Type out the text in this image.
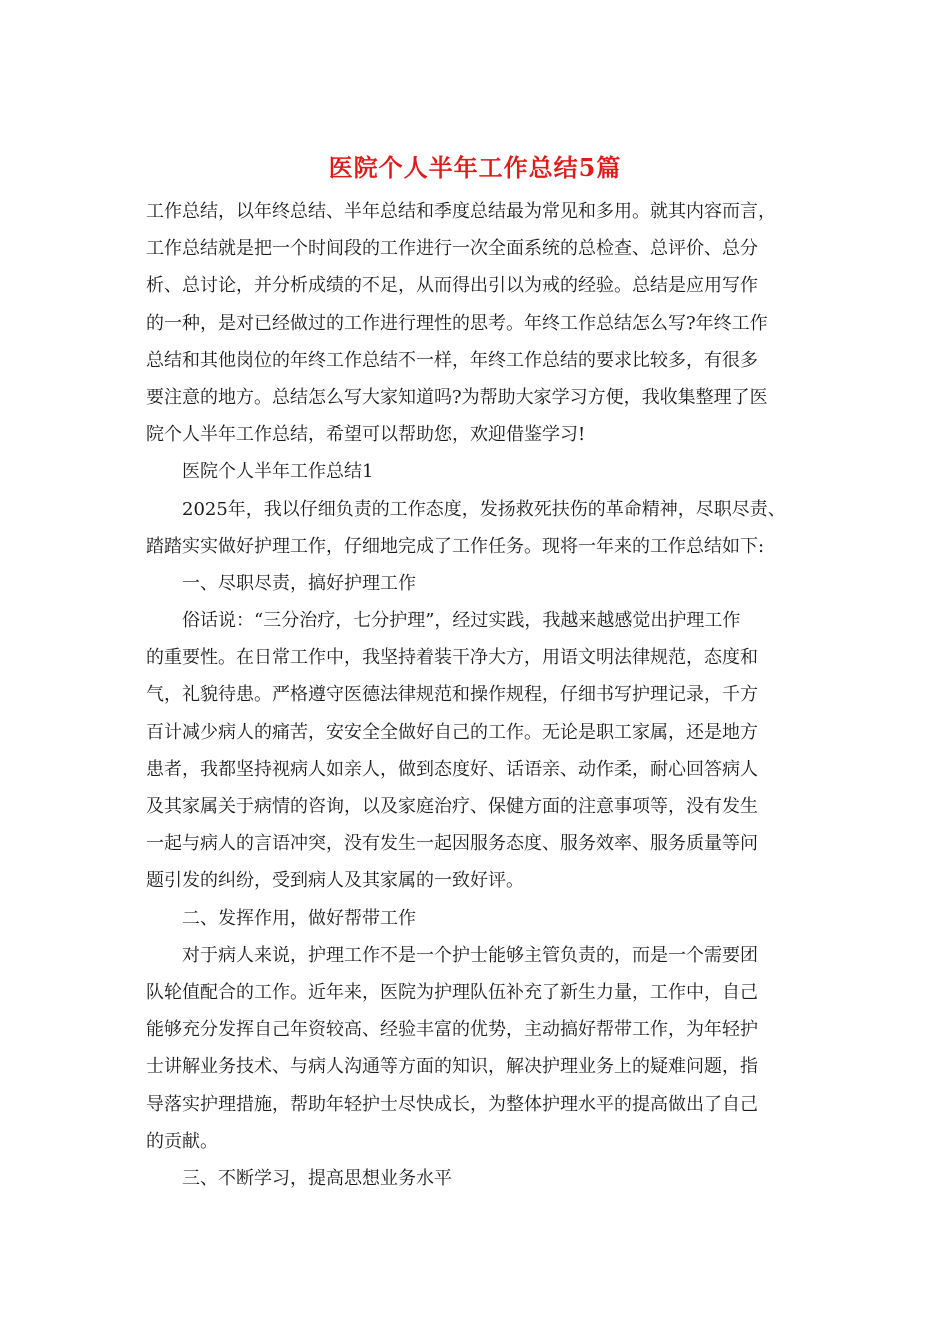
医院个人半年工作总结5篇
工作总结，以年终总结、半年总结和季度总结最为常见和多用。就其内容而言，
工作总结就是把一个时间段的工作进行一次全面系统的总检查、总评价、总分
析、总讨论，并分析成绩的不足，从而得出引以为戒的经验。总结是应用写作
的一种，是对已经做过的工作进行理性的思考。年终工作总结怎么写?年终工作
总结和其他岗位的年终工作总结不一样，年终工作总结的要求比较多，有很多
要注意的地方。总结怎么写大家知道吗?为帮助大家学习方便，我收集整理了医
院个人半年工作总结，希望可以帮助您，欢迎借鉴学习!
医院个人半年工作总结1
2025年，我以仔细负责的工作态度，发扬救死扶伤的革命精神，尽职尽责、
踏踏实实做好护理工作，仔细地完成了工作任务。现将一年来的工作总结如下:
一、尽职尽责，搞好护理工作
俗话说：“三分治疗，七分护理”，经过实践，我越来越感觉出护理工作
的重要性。在日常工作中，我坚持着装干净大方，用语文明法律规范，态度和
气，礼貌待患。严格遵守医德法律规范和操作规程，仔细书写护理记录，千方
百计减少病人的痛苦，安安全全做好自己的工作。无论是职工家属，还是地方
患者，我都坚持视病人如亲人，做到态度好、话语亲、动作柔，耐心回答病人
及其家属关于病情的咨询，以及家庭治疗、保健方面的注意事项等，没有发生
一起与病人的言语冲突，没有发生一起因服务态度、服务效率、服务质量等问
题引发的纠纷，受到病人及其家属的一致好评。
二、发挥作用，做好帮带工作
对于病人来说，护理工作不是一个护士能够主管负责的，而是一个需要团
队轮值配合的工作。近年来，医院为护理队伍补充了新生力量，工作中，自己
能够充分发挥自己年资较高、经验丰富的优势，主动搞好帮带工作，为年轻护
士讲解业务技术、与病人沟通等方面的知识，解决护理业务上的疑难问题，指
导落实护理措施，帮助年轻护士尽快成长，为整体护理水平的提高做出了自己
的贡献。
三、不断学习，提高思想业务水平
